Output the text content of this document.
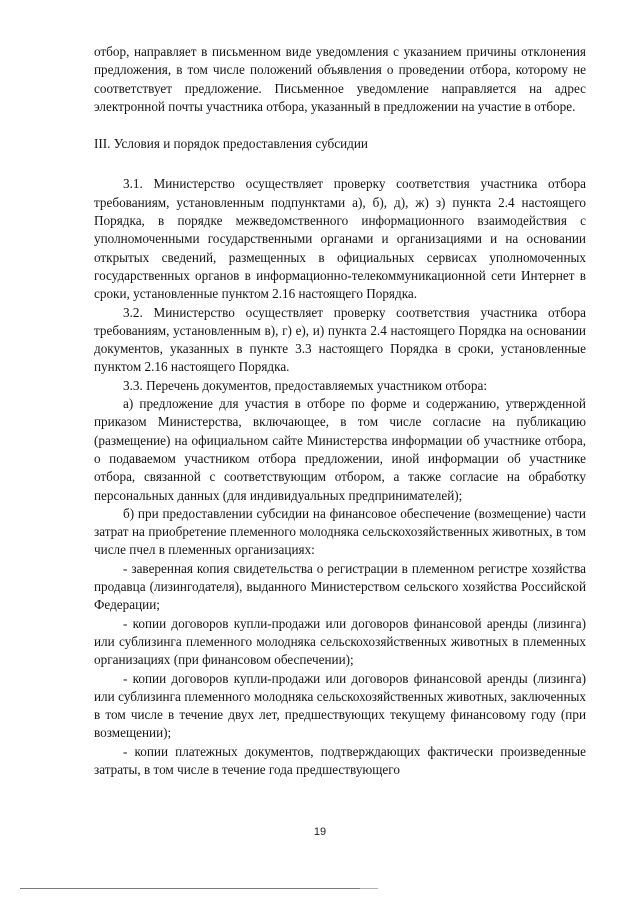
отбор, направляет в письменном виде уведомления с указанием причины отклонения предложения, в том числе положений объявления о проведении отбора, которому не соответствует предложение. Письменное уведомление направляется на адрес электронной почты участника отбора, указанный в предложении на участие в отборе.

III. Условия и порядок предоставления субсидии

3.1. Министерство осуществляет проверку соответствия участника отбора требованиям, установленным подпунктами а), б), д), ж) з) пункта 2.4 настоящего Порядка, в порядке межведомственного информационного взаимодействия с уполномоченными государственными органами и организациями и на основании открытых сведений, размещенных в официальных сервисах уполномоченных государственных органов в информационно-телекоммуникационной сети Интернет в сроки, установленные пунктом 2.16 настоящего Порядка.

3.2. Министерство осуществляет проверку соответствия участника отбора требованиям, установленным в), г) е), и) пункта 2.4 настоящего Порядка на основании документов, указанных в пункте 3.3 настоящего Порядка в сроки, установленные пунктом 2.16 настоящего Порядка.

3.3. Перечень документов, предоставляемых участником отбора:

а) предложение для участия в отборе по форме и содержанию, утвержденной приказом Министерства, включающее, в том числе согласие на публикацию (размещение) на официальном сайте Министерства информации об участнике отбора, о подаваемом участником отбора предложении, иной информации об участнике отбора, связанной с соответствующим отбором, а также согласие на обработку персональных данных (для индивидуальных предпринимателей);

б) при предоставлении субсидии на финансовое обеспечение (возмещение) части затрат на приобретение племенного молодняка сельскохозяйственных животных, в том числе пчел в племенных организациях:

- заверенная копия свидетельства о регистрации в племенном регистре хозяйства продавца (лизингодателя), выданного Министерством сельского хозяйства Российской Федерации;

- копии договоров купли-продажи или договоров финансовой аренды (лизинга) или сублизинга племенного молодняка сельскохозяйственных животных в племенных организациях (при финансовом обеспечении);

- копии договоров купли-продажи или договоров финансовой аренды (лизинга) или сублизинга племенного молодняка сельскохозяйственных животных, заключенных в том числе в течение двух лет, предшествующих текущему финансовому году (при возмещении);

- копии платежных документов, подтверждающих фактически произведенные затраты, в том числе в течение года предшествующего

19
